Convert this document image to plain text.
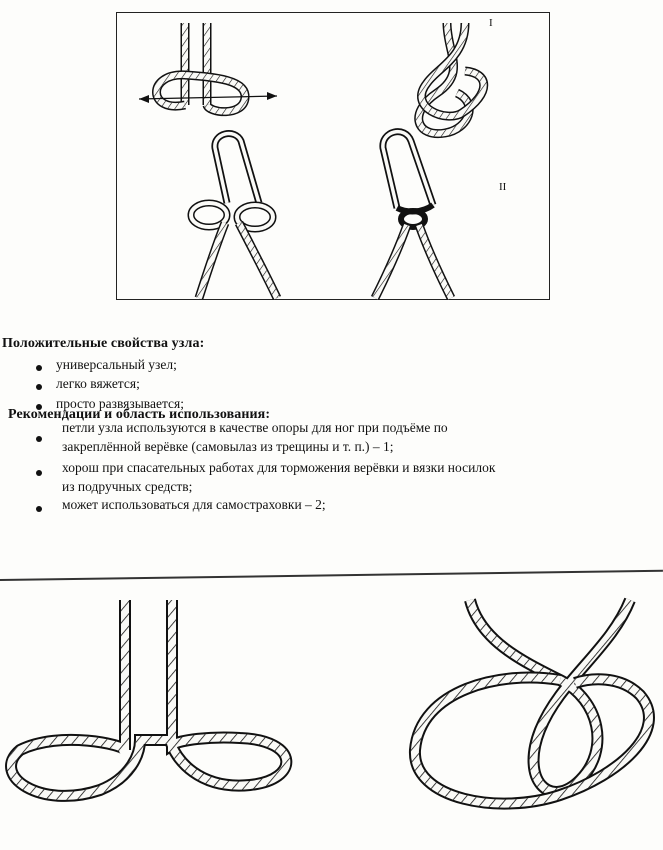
I
II
Положительные свойства узла:
универсальный узел;
легко вяжется;
просто развязывается;
Рекомендации и область использования:
петли узла используются в качестве опоры для ног при подъёме по
закреплённой верёвке (самовылаз из трещины и т. п.) – 1;
хорош при спасательных работах для торможения верёвки и вязки носилок
из подручных средств;
может использоваться для самостраховки – 2;
